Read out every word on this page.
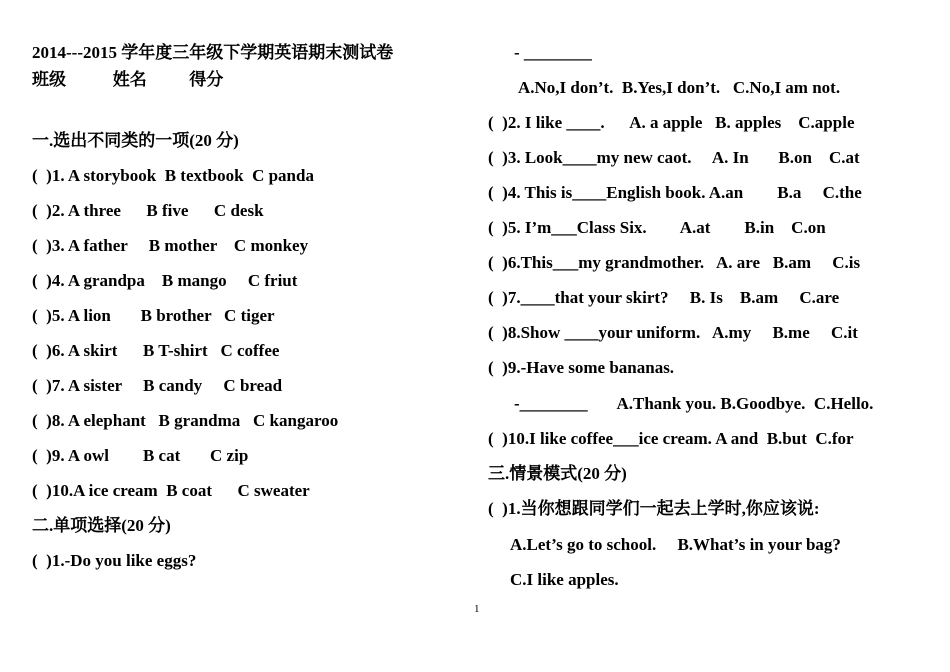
2014---2015 学年度三年级下学期英语期末测试卷
班级           姓名          得分
一.选出不同类的一项(20 分)
(  )1. A storybook  B textbook  C panda
(  )2. A three      B five      C desk
(  )3. A father     B mother    C monkey
(  )4. A grandpa    B mango     C friut
(  )5. A lion       B brother   C tiger
(  )6. A skirt      B T-shirt   C coffee
(  )7. A sister     B candy     C bread
(  )8. A elephant   B grandma   C kangaroo
(  )9. A owl        B cat       C zip
(  )10.A ice cream  B coat      C sweater
二.单项选择(20 分)
(  )1.-Do you like eggs?
- ________
A.No,I don’t.  B.Yes,I don’t.   C.No,I am not.
(  )2. I like ____.      A. a apple   B. apples    C.apple
(  )3. Look____my new caot.     A. In       B.on    C.at
(  )4. This is____English book. A.an        B.a     C.the
(  )5. I’m___Class Six.        A.at        B.in    C.on
(  )6.This___my grandmother.   A. are   B.am     C.is
(  )7.____that your skirt?     B. Is    B.am     C.are
(  )8.Show ____your uniform.   A.my     B.me     C.it
(  )9.-Have some bananas.
-________       A.Thank you. B.Goodbye.  C.Hello.
(  )10.I like coffee___ice cream. A and  B.but  C.for
三.情景模式(20 分)
(  )1.当你想跟同学们一起去上学时,你应该说:
A.Let’s go to school.     B.What’s in your bag?
C.I like apples.
1
